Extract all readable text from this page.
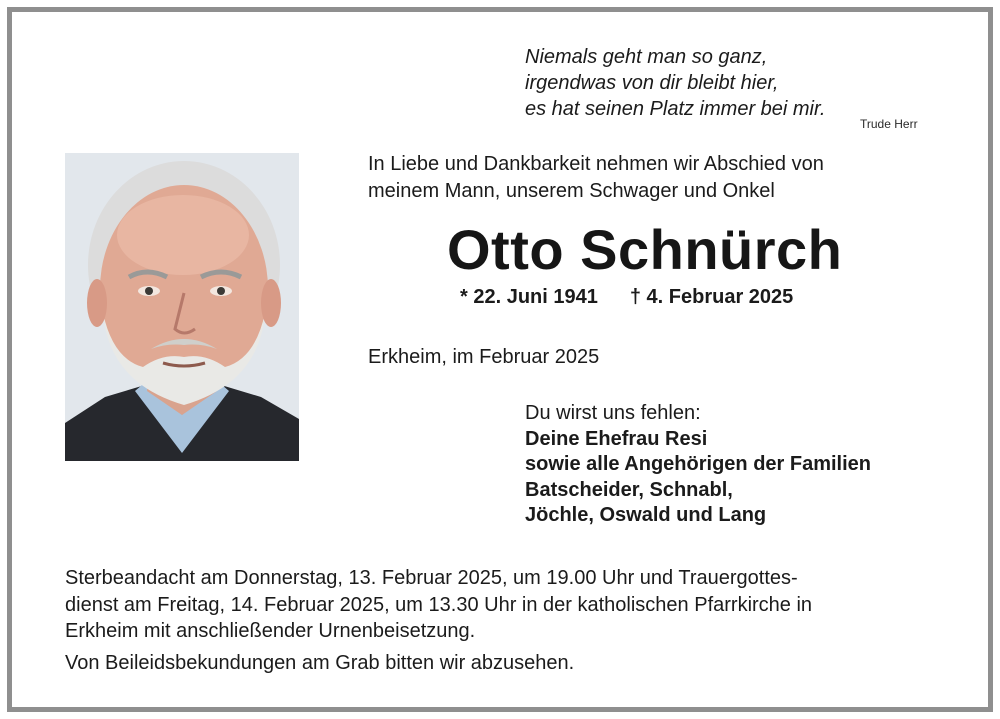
Niemals geht man so ganz,
irgendwas von dir bleibt hier,
es hat seinen Platz immer bei mir.
Trude Herr
In Liebe und Dankbarkeit nehmen wir Abschied von
meinem Mann, unserem Schwager und Onkel
Otto Schnürch
* 22. Juni 1941 † 4. Februar 2025
Erkheim, im Februar 2025
Du wirst uns fehlen:
Deine Ehefrau Resi
sowie alle Angehörigen der Familien
Batscheider, Schnabl,
Jöchle, Oswald und Lang
Sterbeandacht am Donnerstag, 13. Februar 2025, um 19.00 Uhr und Trauergottes-
dienst am Freitag, 14. Februar 2025, um 13.30 Uhr in der katholischen Pfarrkirche in
Erkheim mit anschließender Urnenbeisetzung.
Von Beileidsbekundungen am Grab bitten wir abzusehen.
